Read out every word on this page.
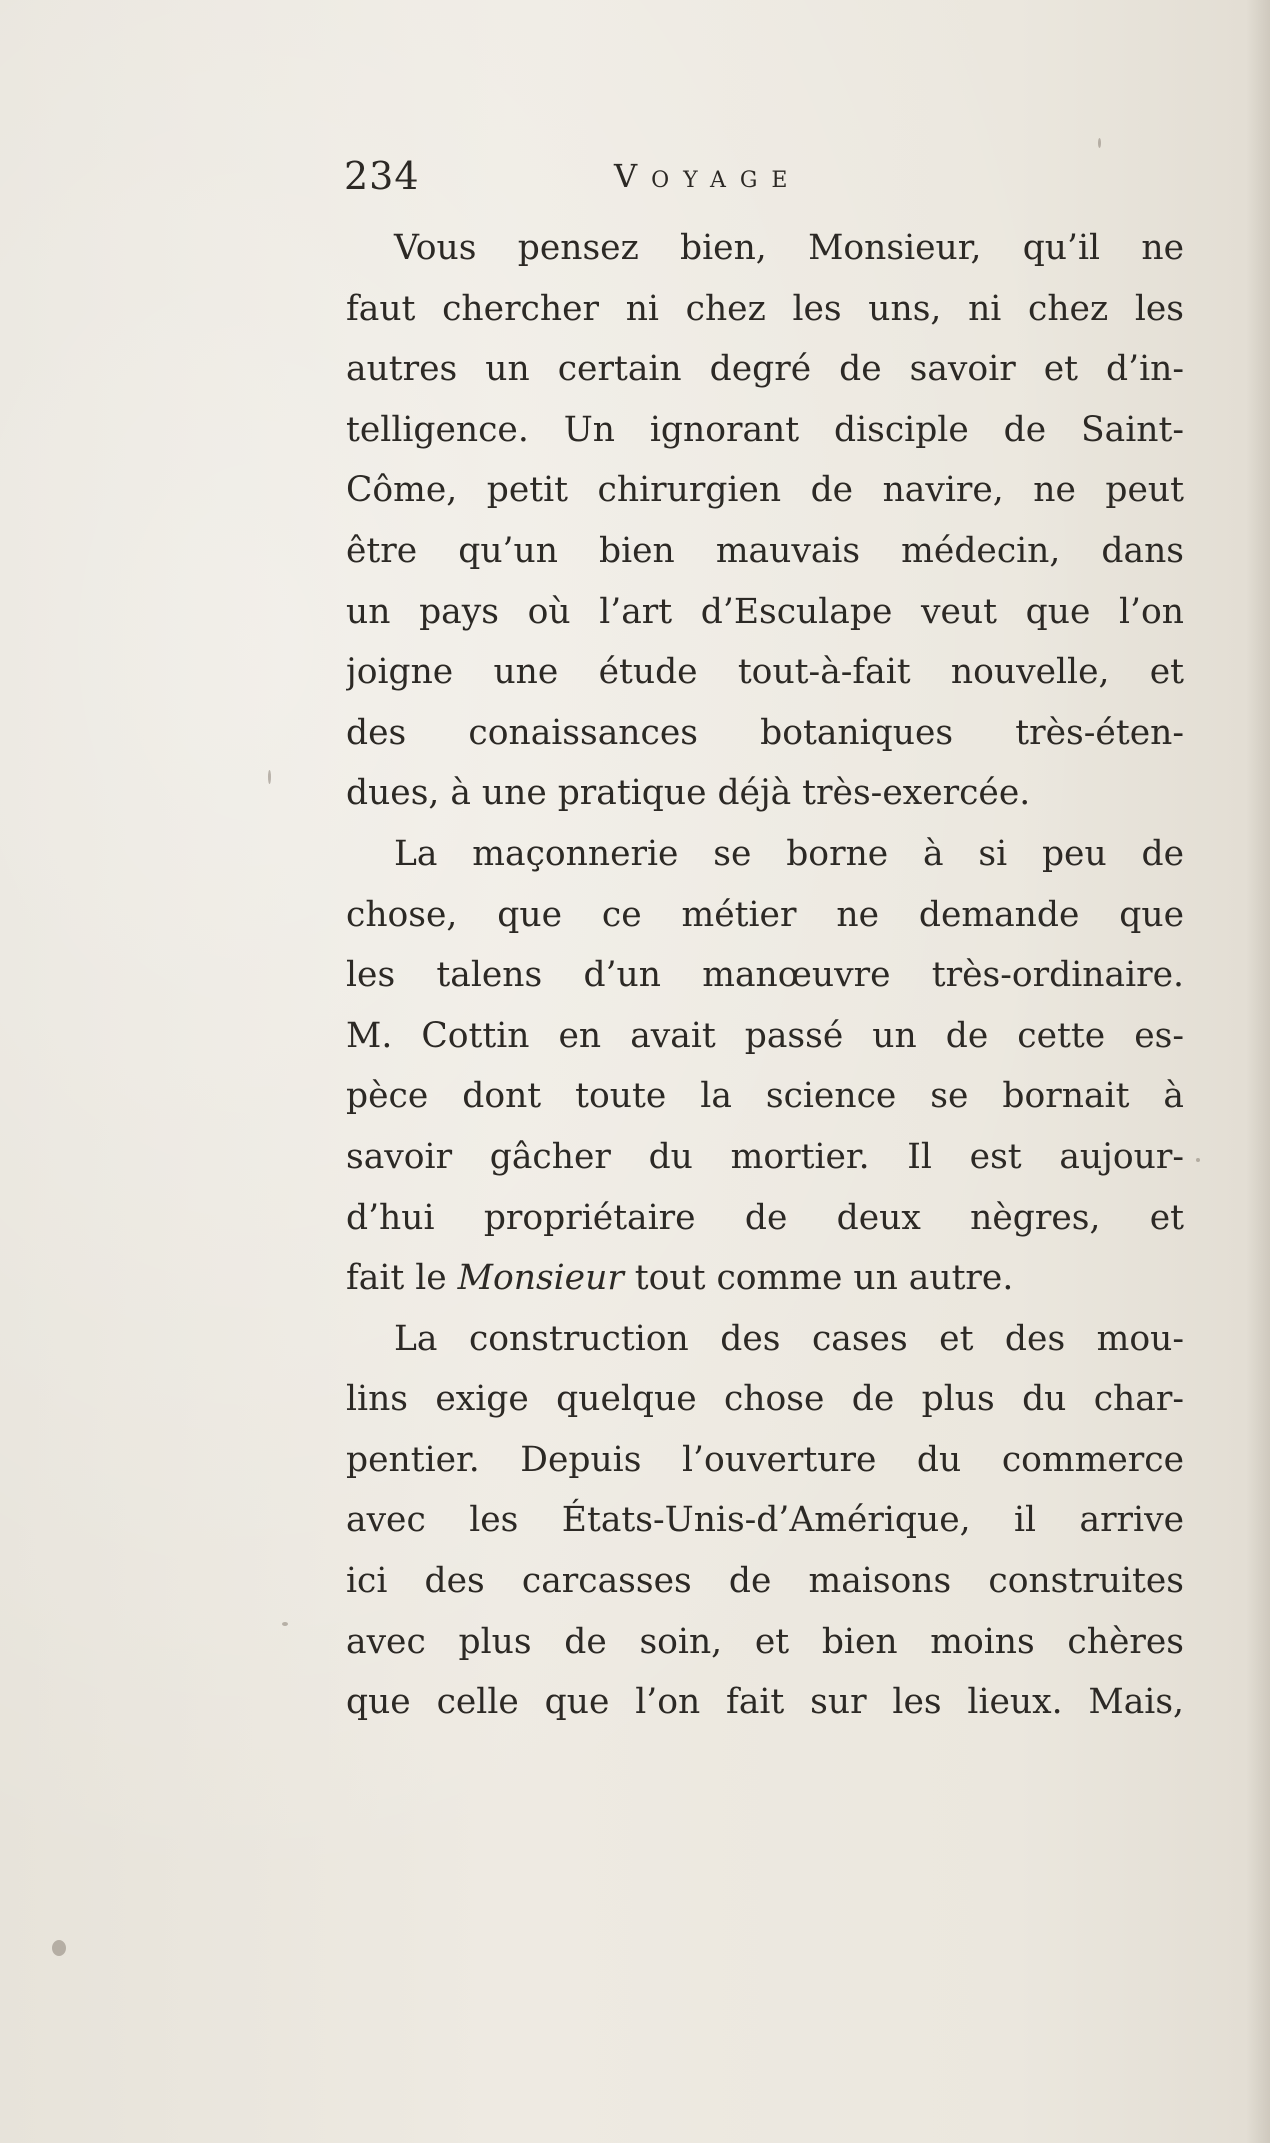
234	Voyage
Vous pensez bien, Monsieur, qu’il ne
faut chercher ni chez les uns, ni chez les
autres un certain degré de savoir et d’in-
telligence. Un ignorant disciple de Saint-
Côme, petit chirurgien de navire, ne peut
être qu’un bien mauvais médecin, dans
un pays où l’art d’Esculape veut que l’on
joigne une étude tout-à-fait nouvelle, et
des conaissances botaniques très-éten-
dues, à une pratique déjà très-exercée.
La maçonnerie se borne à si peu de
chose, que ce métier ne demande que
les talens d’un manœuvre très-ordinaire.
M. Cottin en avait passé un de cette es-
pèce dont toute la science se bornait à
savoir gâcher du mortier. Il est aujour-
d’hui propriétaire de deux nègres, et
fait le Monsieur tout comme un autre.
La construction des cases et des mou-
lins exige quelque chose de plus du char-
pentier. Depuis l’ouverture du commerce
avec les États-Unis-d’Amérique, il arrive
ici des carcasses de maisons construites
avec plus de soin, et bien moins chères
que celle que l’on fait sur les lieux. Mais,
